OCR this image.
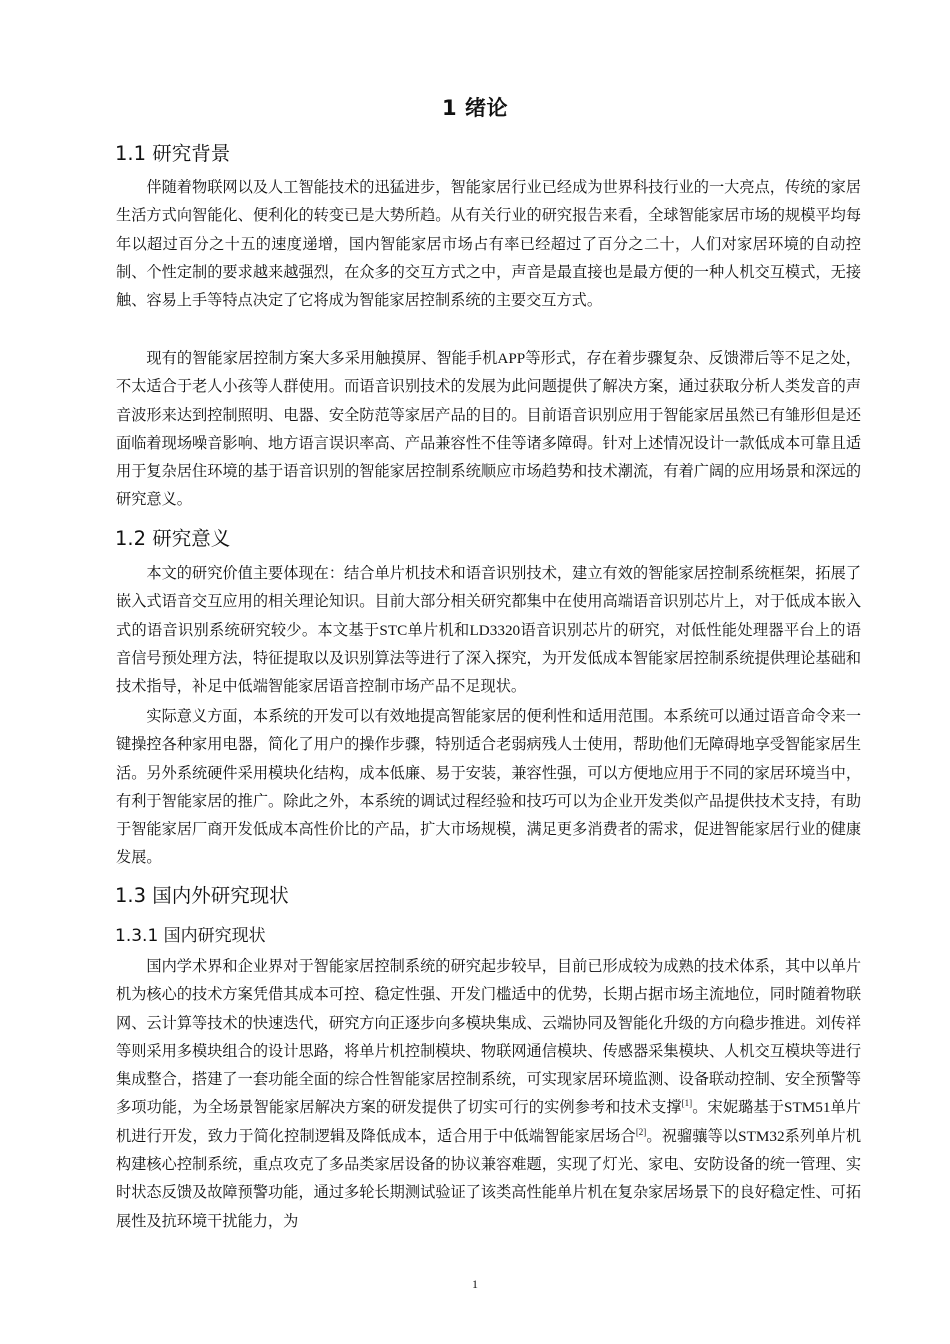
1 绪论
1.1 研究背景

伴随着物联网以及人工智能技术的迅猛进步，智能家居行业已经成为世界科技行业的一大亮点，传统的家居生活方式向智能化、便利化的转变已是大势所趋。从有关行业的研究报告来看，全球智能家居市场的规模平均每年以超过百分之十五的速度递增，国内智能家居市场占有率已经超过了百分之二十，人们对家居环境的自动控制、个性定制的要求越来越强烈，在众多的交互方式之中，声音是最直接也是最方便的一种人机交互模式，无接触、容易上手等特点决定了它将成为智能家居控制系统的主要交互方式。

现有的智能家居控制方案大多采用触摸屏、智能手机APP等形式，存在着步骤复杂、反馈滞后等不足之处，不太适合于老人小孩等人群使用。而语音识别技术的发展为此问题提供了解决方案，通过获取分析人类发音的声音波形来达到控制照明、电器、安全防范等家居产品的目的。目前语音识别应用于智能家居虽然已有雏形但是还面临着现场噪音影响、地方语言误识率高、产品兼容性不佳等诸多障碍。针对上述情况设计一款低成本可靠且适用于复杂居住环境的基于语音识别的智能家居控制系统顺应市场趋势和技术潮流，有着广阔的应用场景和深远的研究意义。

1.2 研究意义

本文的研究价值主要体现在：结合单片机技术和语音识别技术，建立有效的智能家居控制系统框架，拓展了嵌入式语音交互应用的相关理论知识。目前大部分相关研究都集中在使用高端语音识别芯片上，对于低成本嵌入式的语音识别系统研究较少。本文基于STC单片机和LD3320语音识别芯片的研究，对低性能处理器平台上的语音信号预处理方法，特征提取以及识别算法等进行了深入探究，为开发低成本智能家居控制系统提供理论基础和技术指导，补足中低端智能家居语音控制市场产品不足现状。

实际意义方面，本系统的开发可以有效地提高智能家居的便利性和适用范围。本系统可以通过语音命令来一键操控各种家用电器，简化了用户的操作步骤，特别适合老弱病残人士使用，帮助他们无障碍地享受智能家居生活。另外系统硬件采用模块化结构，成本低廉、易于安装，兼容性强，可以方便地应用于不同的家居环境当中，有利于智能家居的推广。除此之外，本系统的调试过程经验和技巧可以为企业开发类似产品提供技术支持，有助于智能家居厂商开发低成本高性价比的产品，扩大市场规模，满足更多消费者的需求，促进智能家居行业的健康发展。

1.3 国内外研究现状
1.3.1 国内研究现状

国内学术界和企业界对于智能家居控制系统的研究起步较早，目前已形成较为成熟的技术体系，其中以单片机为核心的技术方案凭借其成本可控、稳定性强、开发门槛适中的优势，长期占据市场主流地位，同时随着物联网、云计算等技术的快速迭代，研究方向正逐步向多模块集成、云端协同及智能化升级的方向稳步推进。刘传祥等则采用多模块组合的设计思路，将单片机控制模块、物联网通信模块、传感器采集模块、人机交互模块等进行集成整合，搭建了一套功能全面的综合性智能家居控制系统，可实现家居环境监测、设备联动控制、安全预警等多项功能，为全场景智能家居解决方案的研发提供了切实可行的实例参考和技术支撑[1]。宋妮璐基于STM51单片机进行开发，致力于简化控制逻辑及降低成本，适合用于中低端智能家居场合[2]。祝骝骧等以STM32系列单片机构建核心控制系统，重点攻克了多品类家居设备的协议兼容难题，实现了灯光、家电、安防设备的统一管理、实时状态反馈及故障预警功能，通过多轮长期测试验证了该类高性能单片机在复杂家居场景下的良好稳定性、可拓展性及抗环境干扰能力，为

1
